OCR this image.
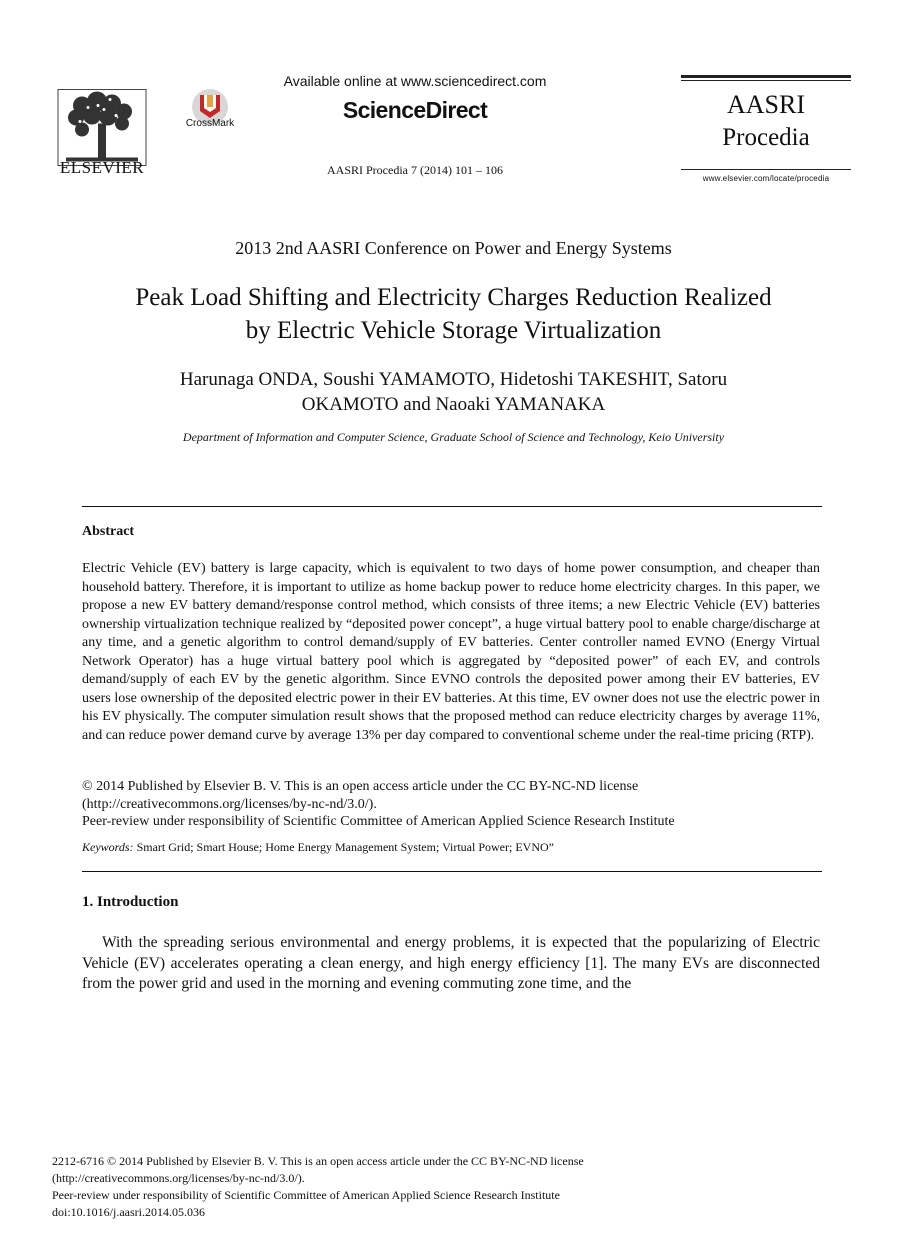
ELSEVIER
CrossMark
Available online at www.sciencedirect.com
ScienceDirect
AASRI Procedia 7 (2014) 101 – 106
AASRI
Procedia
www.elsevier.com/locate/procedia
2013 2nd AASRI Conference on Power and Energy Systems
Peak Load Shifting and Electricity Charges Reduction Realized
by Electric Vehicle Storage Virtualization
Harunaga ONDA, Soushi YAMAMOTO, Hidetoshi TAKESHIT, Satoru
OKAMOTO and Naoaki YAMANAKA
Department of Information and Computer Science, Graduate School of Science and Technology, Keio University
Abstract
Electric Vehicle (EV) battery is large capacity, which is equivalent to two days of home power consumption, and cheaper than household battery. Therefore, it is important to utilize as home backup power to reduce home electricity charges. In this paper, we propose a new EV battery demand/response control method, which consists of three items; a new Electric Vehicle (EV) batteries ownership virtualization technique realized by “deposited power concept”, a huge virtual battery pool to enable charge/discharge at any time, and a genetic algorithm to control demand/supply of EV batteries. Center controller named EVNO (Energy Virtual Network Operator) has a huge virtual battery pool which is aggregated by “deposited power” of each EV, and controls demand/supply of each EV by the genetic algorithm. Since EVNO controls the deposited power among their EV batteries, EV users lose ownership of the deposited electric power in their EV batteries. At this time, EV owner does not use the electric power in his EV physically. The computer simulation result shows that the proposed method can reduce electricity charges by average 11%, and can reduce power demand curve by average 13% per day compared to conventional scheme under the real-time pricing (RTP).
© 2014 Published by Elsevier B. V. This is an open access article under the CC BY-NC-ND license
(http://creativecommons.org/licenses/by-nc-nd/3.0/).
Peer-review under responsibility of Scientific Committee of American Applied Science Research Institute
Keywords: Smart Grid; Smart House; Home Energy Management System; Virtual Power; EVNO”
1. Introduction
With the spreading serious environmental and energy problems, it is expected that the popularizing of Electric Vehicle (EV) accelerates operating a clean energy, and high energy efficiency [1]. The many EVs are disconnected from the power grid and used in the morning and evening commuting zone time, and the
2212-6716 © 2014 Published by Elsevier B. V. This is an open access article under the CC BY-NC-ND license
(http://creativecommons.org/licenses/by-nc-nd/3.0/).
Peer-review under responsibility of Scientific Committee of American Applied Science Research Institute
doi:10.1016/j.aasri.2014.05.036
